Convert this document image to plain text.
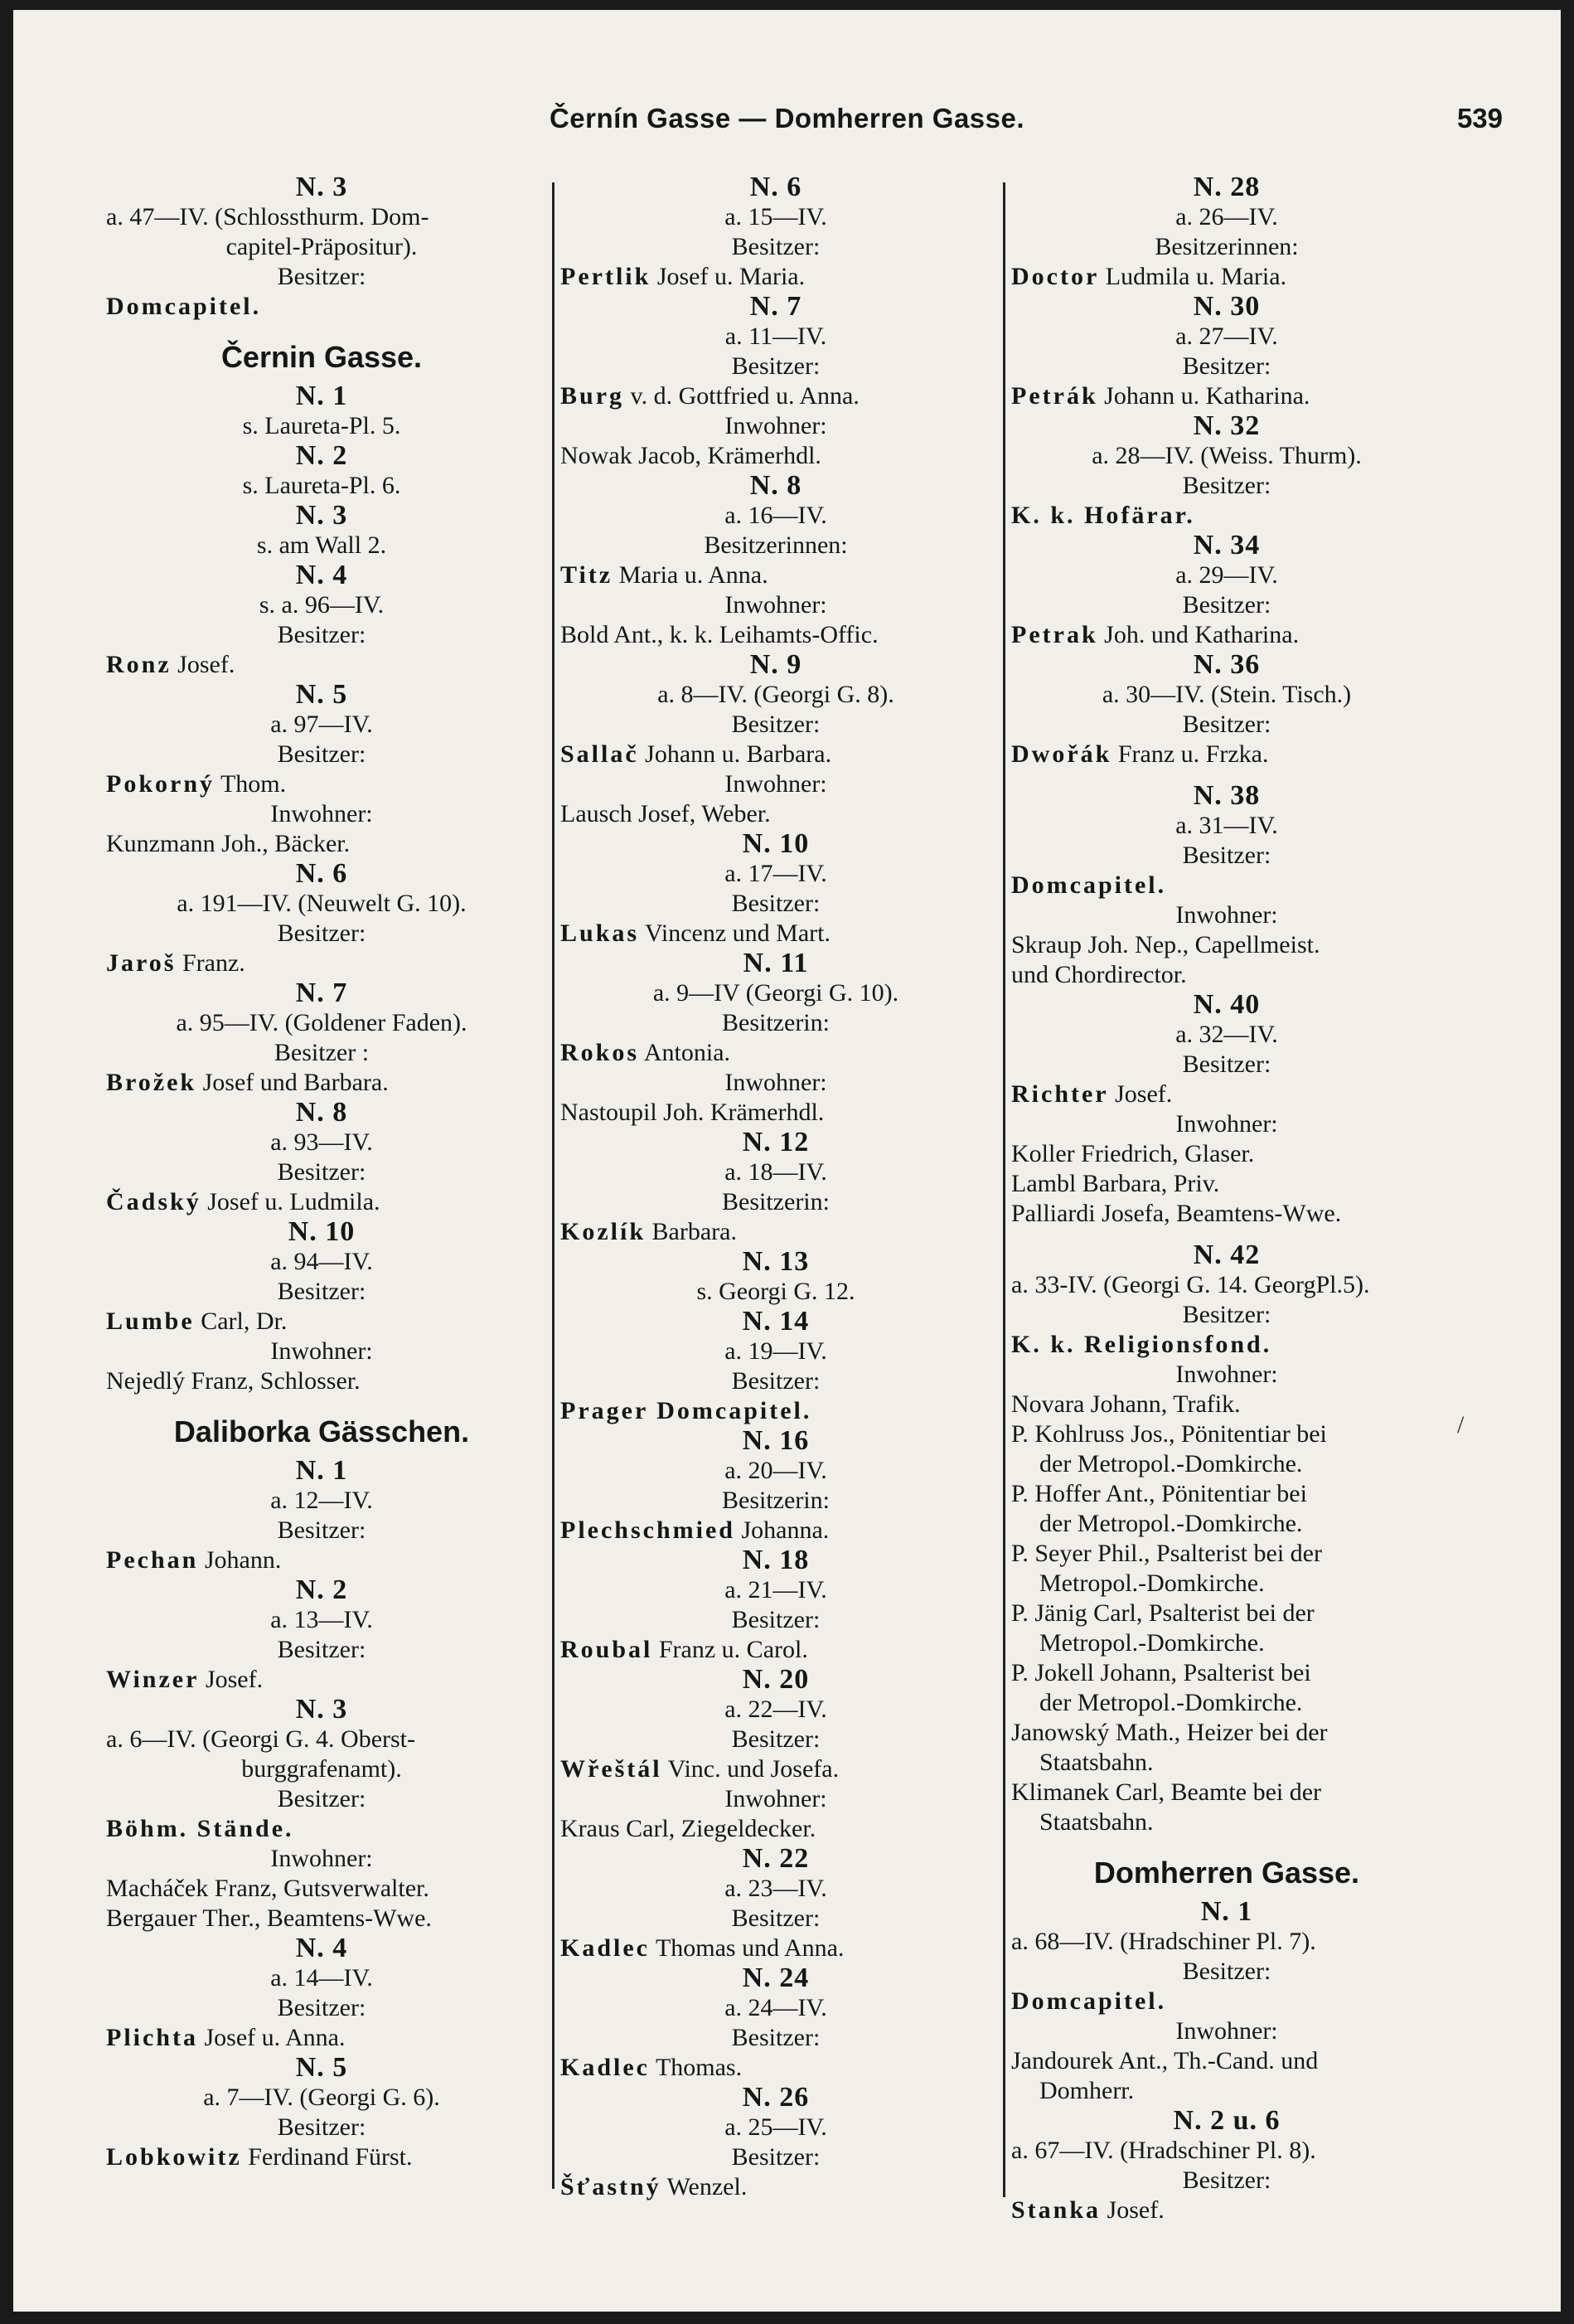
Černín Gasse — Domherren Gasse.	539
N. 3
a. 47—IV. (Schlossthurm. Dom-
capitel-Präpositur).
Besitzer:
Domcapitel.
Černin Gasse.
N. 1
s. Laureta-Pl. 5.
N. 2
s. Laureta-Pl. 6.
N. 3
s. am Wall 2.
N. 4
s. a. 96—IV.
Besitzer:
Ronz Josef.
N. 5
a. 97—IV.
Besitzer:
Pokorný Thom.
Inwohner:
Kunzmann Joh., Bäcker.
N. 6
a. 191—IV. (Neuwelt G. 10).
Besitzer:
Jaroš Franz.
N. 7
a. 95—IV. (Goldener Faden).
Besitzer :
Brožek Josef und Barbara.
N. 8
a. 93—IV.
Besitzer:
Čadský Josef u. Ludmila.
N. 10
a. 94—IV.
Besitzer:
Lumbe Carl, Dr.
Inwohner:
Nejedlý Franz, Schlosser.
Daliborka Gässchen.
N. 1
a. 12—IV.
Besitzer:
Pechan Johann.
N. 2
a. 13—IV.
Besitzer:
Winzer Josef.
N. 3
a. 6—IV. (Georgi G. 4. Oberst-
burggrafenamt).
Besitzer:
Böhm. Stände.
Inwohner:
Macháček Franz, Gutsverwalter.
Bergauer Ther., Beamtens-Wwe.
N. 4
a. 14—IV.
Besitzer:
Plichta Josef u. Anna.
N. 5
a. 7—IV. (Georgi G. 6).
Besitzer:
Lobkowitz Ferdinand Fürst.
N. 6
a. 15—IV.
Besitzer:
Pertlik Josef u. Maria.
N. 7
a. 11—IV.
Besitzer:
Burg v. d. Gottfried u. Anna.
Inwohner:
Nowak Jacob, Krämerhdl.
N. 8
a. 16—IV.
Besitzerinnen:
Titz Maria u. Anna.
Inwohner:
Bold Ant., k. k. Leihamts-Offic.
N. 9
a. 8—IV. (Georgi G. 8).
Besitzer:
Sallač Johann u. Barbara.
Inwohner:
Lausch Josef, Weber.
N. 10
a. 17—IV.
Besitzer:
Lukas Vincenz und Mart.
N. 11
a. 9—IV (Georgi G. 10).
Besitzerin:
Rokos Antonia.
Inwohner:
Nastoupil Joh. Krämerhdl.
N. 12
a. 18—IV.
Besitzerin:
Kozlík Barbara.
N. 13
s. Georgi G. 12.
N. 14
a. 19—IV.
Besitzer:
Prager Domcapitel.
N. 16
a. 20—IV.
Besitzerin:
Plechschmied Johanna.
N. 18
a. 21—IV.
Besitzer:
Roubal Franz u. Carol.
N. 20
a. 22—IV.
Besitzer:
Wřeštál Vinc. und Josefa.
Inwohner:
Kraus Carl, Ziegeldecker.
N. 22
a. 23—IV.
Besitzer:
Kadlec Thomas und Anna.
N. 24
a. 24—IV.
Besitzer:
Kadlec Thomas.
N. 26
a. 25—IV.
Besitzer:
Šťastný Wenzel.
N. 28
a. 26—IV.
Besitzerinnen:
Doctor Ludmila u. Maria.
N. 30
a. 27—IV.
Besitzer:
Petrák Johann u. Katharina.
N. 32
a. 28—IV. (Weiss. Thurm).
Besitzer:
K. k. Hofärar.
N. 34
a. 29—IV.
Besitzer:
Petrak Joh. und Katharina.
N. 36
a. 30—IV. (Stein. Tisch.)
Besitzer:
Dwořák Franz u. Frzka.
N. 38
a. 31—IV.
Besitzer:
Domcapitel.
Inwohner:
Skraup Joh. Nep., Capellmeist.
und Chordirector.
N. 40
a. 32—IV.
Besitzer:
Richter Josef.
Inwohner:
Koller Friedrich, Glaser.
Lambl Barbara, Priv.
Palliardi Josefa, Beamtens-Wwe.
N. 42
a. 33-IV. (Georgi G. 14. GeorgPl.5).
Besitzer:
K. k. Religionsfond.
Inwohner:
Novara Johann, Trafik.
P. Kohlruss Jos., Pönitentiar bei
der Metropol.-Domkirche.
P. Hoffer Ant., Pönitentiar bei
der Metropol.-Domkirche.
P. Seyer Phil., Psalterist bei der
Metropol.-Domkirche.
P. Jänig Carl, Psalterist bei der
Metropol.-Domkirche.
P. Jokell Johann, Psalterist bei
der Metropol.-Domkirche.
Janowský Math., Heizer bei der
Staatsbahn.
Klimanek Carl, Beamte bei der
Staatsbahn.
Domherren Gasse.
N. 1
a. 68—IV. (Hradschiner Pl. 7).
Besitzer:
Domcapitel.
Inwohner:
Jandourek Ant., Th.-Cand. und
Domherr.
N. 2 u. 6
a. 67—IV. (Hradschiner Pl. 8).
Besitzer:
Stanka Josef.
/
